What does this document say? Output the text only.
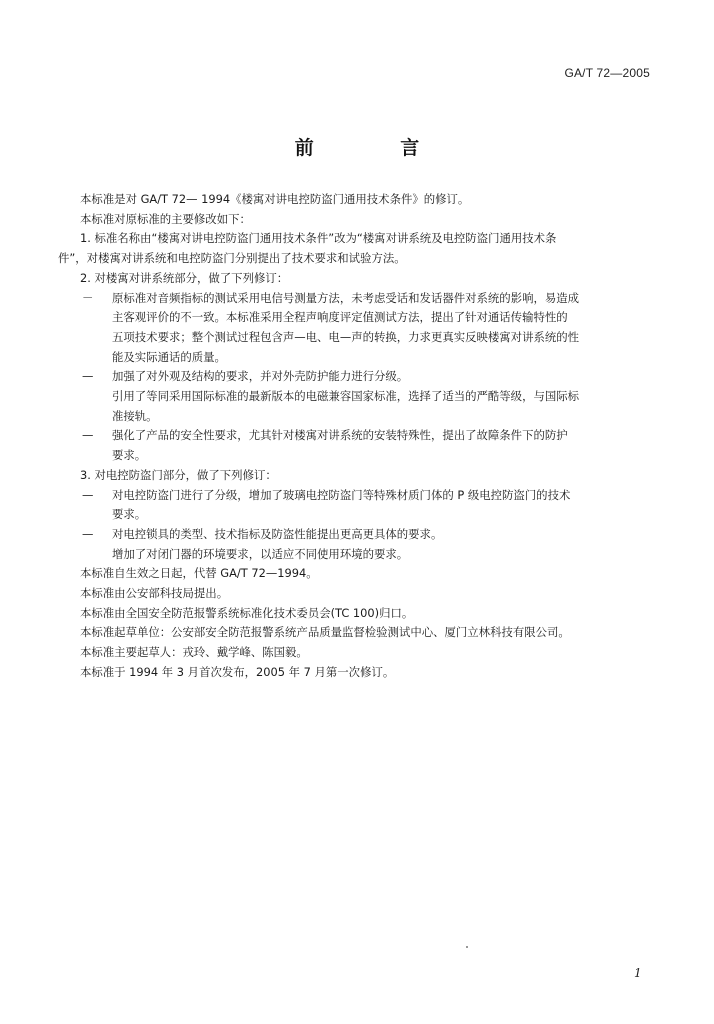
GA/T 72—2005
前 言

本标准是对 GA/T 72— 1994《楼寓对讲电控防盗门通用技术条件》的修订。

本标准对原标准的主要修改如下：

1. 标准名称由“楼寓对讲电控防盗门通用技术条件”改为“楼寓对讲系统及电控防盗门通用技术条

件”，对楼寓对讲系统和电控防盗门分别提出了技术要求和试验方法。

2. 对楼寓对讲系统部分，做了下列修订：

－ 原标准对音频指标的测试采用电信号测量方法，未考虑受话和发话器件对系统的影响，易造成
主客观评价的不一致。本标准采用全程声响度评定值测试方法，提出了针对通话传输特性的
五项技术要求；整个测试过程包含声—电、电—声的转换，力求更真实反映楼寓对讲系统的性
能及实际通话的质量。
— 加强了对外观及结构的要求，并对外壳防护能力进行分级。
引用了等同采用国际标准的最新版本的电磁兼容国家标准，选择了适当的严酷等级，与国际标
准接轨。
— 强化了产品的安全性要求，尤其针对楼寓对讲系统的安装特殊性，提出了故障条件下的防护
要求。

3. 对电控防盗门部分，做了下列修订：

— 对电控防盗门进行了分级，增加了玻璃电控防盗门等特殊材质门体的 P 级电控防盗门的技术
要求。
— 对电控锁具的类型、技术指标及防盗性能提出更高更具体的要求。
增加了对闭门器的环境要求，以适应不同使用环境的要求。

本标准自生效之日起，代替 GA/T 72—1994。

本标准由公安部科技局提出。

本标准由全国安全防范报警系统标准化技术委员会(TC 100)归口。

本标准起草单位：公安部安全防范报警系统产品质量监督检验测试中心、厦门立林科技有限公司。

本标准主要起草人：戎玲、戴学峰、陈国毅。

本标准于 1994 年 3 月首次发布，2005 年 7 月第一次修订。

1
